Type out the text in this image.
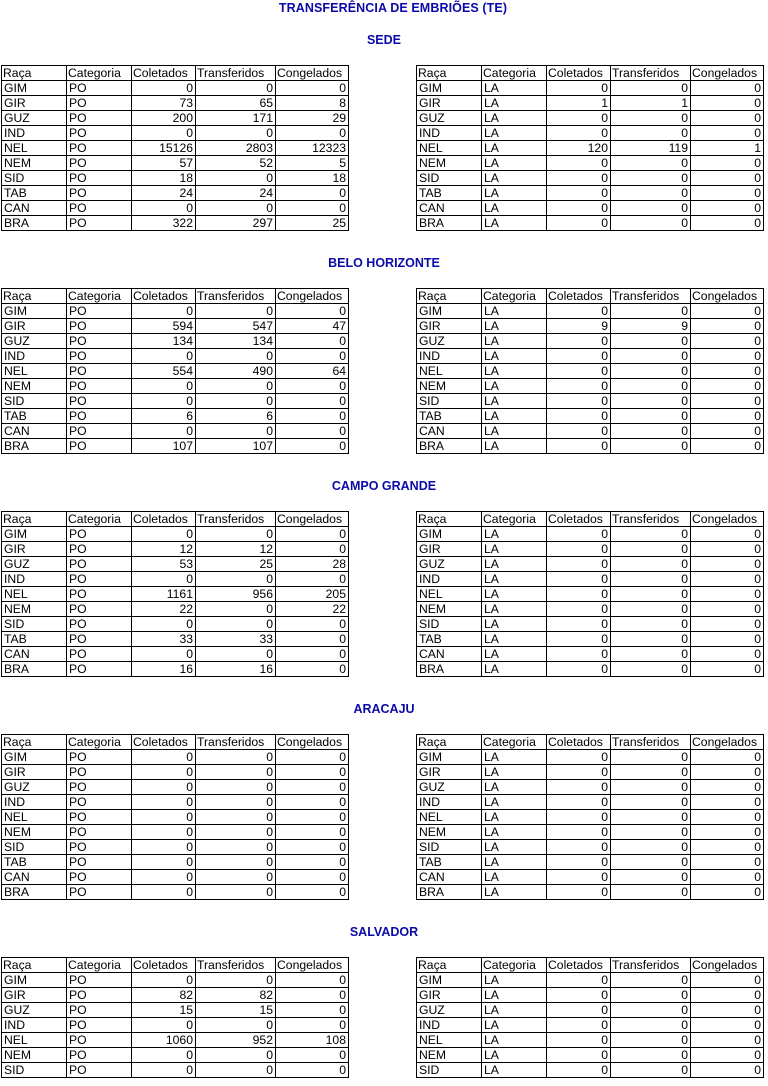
TRANSFERÊNCIA DE EMBRIÕES (TE)
SEDE
Raça	Categoria	Coletados	Transferidos	Congelados
GIM	PO	0	0	0
GIR	PO	73	65	8
GUZ	PO	200	171	29
IND	PO	0	0	0
NEL	PO	15126	2803	12323
NEM	PO	57	52	5
SID	PO	18	0	18
TAB	PO	24	24	0
CAN	PO	0	0	0
BRA	PO	322	297	25
Raça	Categoria	Coletados	Transferidos	Congelados
GIM	LA	0	0	0
GIR	LA	1	1	0
GUZ	LA	0	0	0
IND	LA	0	0	0
NEL	LA	120	119	1
NEM	LA	0	0	0
SID	LA	0	0	0
TAB	LA	0	0	0
CAN	LA	0	0	0
BRA	LA	0	0	0
BELO HORIZONTE
Raça	Categoria	Coletados	Transferidos	Congelados
GIM	PO	0	0	0
GIR	PO	594	547	47
GUZ	PO	134	134	0
IND	PO	0	0	0
NEL	PO	554	490	64
NEM	PO	0	0	0
SID	PO	0	0	0
TAB	PO	6	6	0
CAN	PO	0	0	0
BRA	PO	107	107	0
Raça	Categoria	Coletados	Transferidos	Congelados
GIM	LA	0	0	0
GIR	LA	9	9	0
GUZ	LA	0	0	0
IND	LA	0	0	0
NEL	LA	0	0	0
NEM	LA	0	0	0
SID	LA	0	0	0
TAB	LA	0	0	0
CAN	LA	0	0	0
BRA	LA	0	0	0
CAMPO GRANDE
Raça	Categoria	Coletados	Transferidos	Congelados
GIM	PO	0	0	0
GIR	PO	12	12	0
GUZ	PO	53	25	28
IND	PO	0	0	0
NEL	PO	1161	956	205
NEM	PO	22	0	22
SID	PO	0	0	0
TAB	PO	33	33	0
CAN	PO	0	0	0
BRA	PO	16	16	0
Raça	Categoria	Coletados	Transferidos	Congelados
GIM	LA	0	0	0
GIR	LA	0	0	0
GUZ	LA	0	0	0
IND	LA	0	0	0
NEL	LA	0	0	0
NEM	LA	0	0	0
SID	LA	0	0	0
TAB	LA	0	0	0
CAN	LA	0	0	0
BRA	LA	0	0	0
ARACAJU
Raça	Categoria	Coletados	Transferidos	Congelados
GIM	PO	0	0	0
GIR	PO	0	0	0
GUZ	PO	0	0	0
IND	PO	0	0	0
NEL	PO	0	0	0
NEM	PO	0	0	0
SID	PO	0	0	0
TAB	PO	0	0	0
CAN	PO	0	0	0
BRA	PO	0	0	0
Raça	Categoria	Coletados	Transferidos	Congelados
GIM	LA	0	0	0
GIR	LA	0	0	0
GUZ	LA	0	0	0
IND	LA	0	0	0
NEL	LA	0	0	0
NEM	LA	0	0	0
SID	LA	0	0	0
TAB	LA	0	0	0
CAN	LA	0	0	0
BRA	LA	0	0	0
SALVADOR
Raça	Categoria	Coletados	Transferidos	Congelados
GIM	PO	0	0	0
GIR	PO	82	82	0
GUZ	PO	15	15	0
IND	PO	0	0	0
NEL	PO	1060	952	108
NEM	PO	0	0	0
SID	PO	0	0	0
Raça	Categoria	Coletados	Transferidos	Congelados
GIM	LA	0	0	0
GIR	LA	0	0	0
GUZ	LA	0	0	0
IND	LA	0	0	0
NEL	LA	0	0	0
NEM	LA	0	0	0
SID	LA	0	0	0
